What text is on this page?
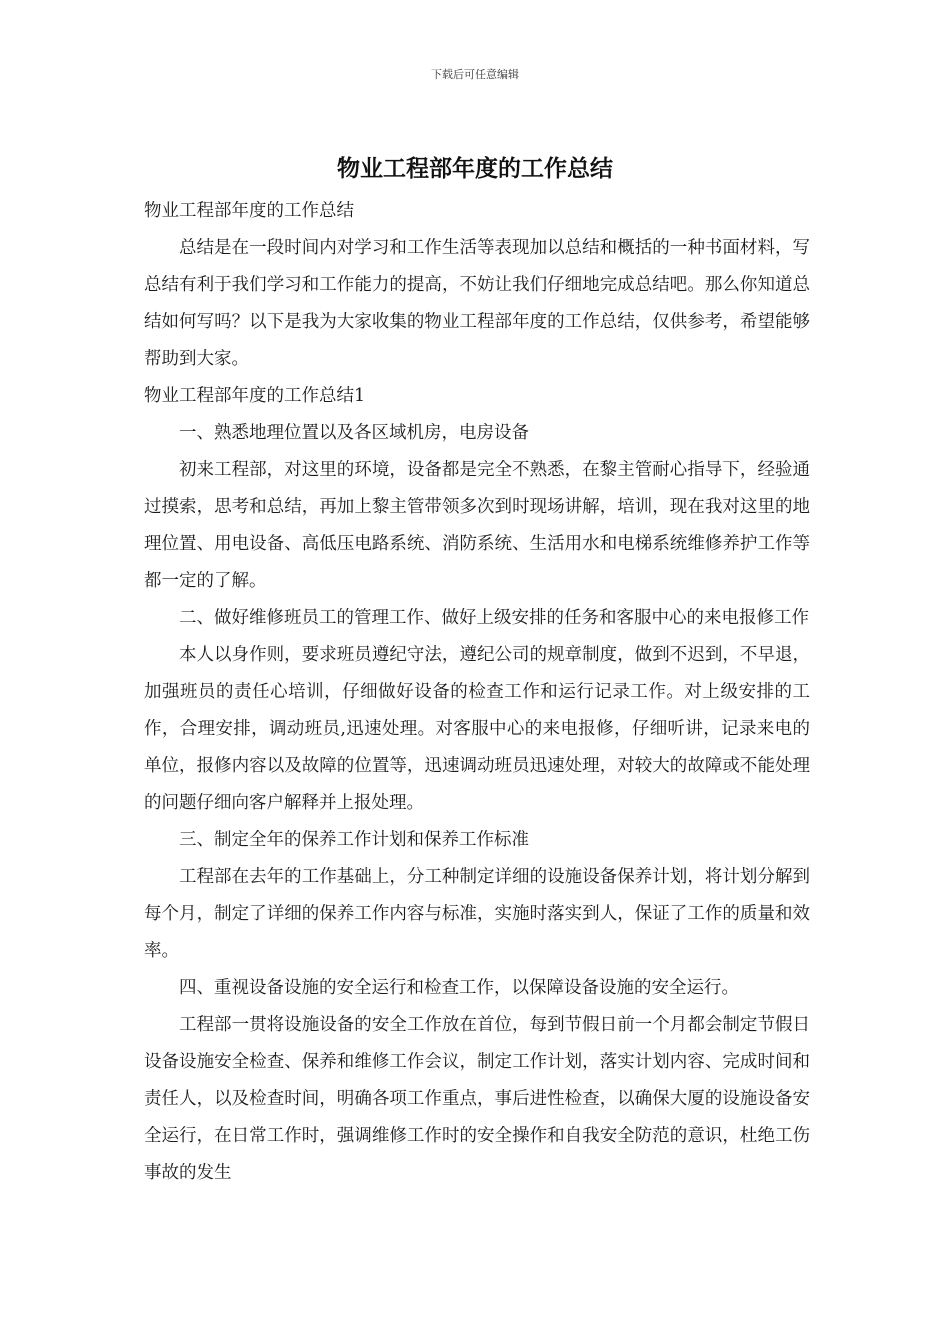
下载后可任意编辑
物业工程部年度的工作总结

物业工程部年度的工作总结

总结是在一段时间内对学习和工作生活等表现加以总结和概括的一种书面材料，写总结有利于我们学习和工作能力的提高，不妨让我们仔细地完成总结吧。那么你知道总结如何写吗？以下是我为大家收集的物业工程部年度的工作总结，仅供参考，希望能够帮助到大家。

物业工程部年度的工作总结1

一、熟悉地理位置以及各区域机房，电房设备

初来工程部，对这里的环境，设备都是完全不熟悉，在黎主管耐心指导下，经验通过摸索，思考和总结，再加上黎主管带领多次到时现场讲解，培训，现在我对这里的地理位置、用电设备、高低压电路系统、消防系统、生活用水和电梯系统维修养护工作等都一定的了解。

二、做好维修班员工的管理工作、做好上级安排的任务和客服中心的来电报修工作

本人以身作则，要求班员遵纪守法，遵纪公司的规章制度，做到不迟到，不早退，加强班员的责任心培训，仔细做好设备的检查工作和运行记录工作。对上级安排的工作，合理安排，调动班员,迅速处理。对客服中心的来电报修，仔细听讲，记录来电的单位，报修内容以及故障的位置等，迅速调动班员迅速处理，对较大的故障或不能处理的问题仔细向客户解释并上报处理。

三、制定全年的保养工作计划和保养工作标准

工程部在去年的工作基础上，分工种制定详细的设施设备保养计划，将计划分解到每个月，制定了详细的保养工作内容与标准，实施时落实到人，保证了工作的质量和效率。

四、重视设备设施的安全运行和检查工作，以保障设备设施的安全运行。

工程部一贯将设施设备的安全工作放在首位，每到节假日前一个月都会制定节假日设备设施安全检查、保养和维修工作会议，制定工作计划，落实计划内容、完成时间和责任人，以及检查时间，明确各项工作重点，事后进性检查，以确保大厦的设施设备安全运行，在日常工作时，强调维修工作时的安全操作和自我安全防范的意识，杜绝工伤事故的发生
